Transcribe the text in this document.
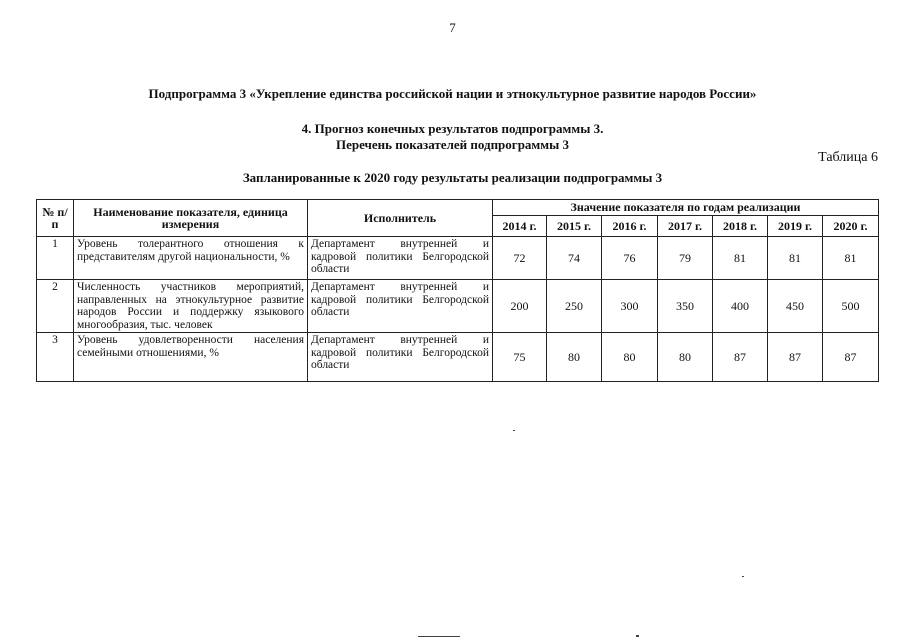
7
Подпрограмма 3 «Укрепление единства российской нации и этнокультурное развитие народов России»
4. Прогноз конечных результатов подпрограммы 3.
Перечень показателей подпрограммы 3
Таблица 6
Запланированные к 2020 году результаты реализации подпрограммы 3
№ п/п	Наименование показателя, единица измерения	Исполнитель	Значение показателя по годам реализации						
			2014 г.	2015 г.	2016 г.	2017 г.	2018 г.	2019 г.	2020 г.
1	Уровень толерантного отношения к представителям другой национальности, %	Департамент внутренней и кадровой политики Белгородской области	72	74	76	79	81	81	81
2	Численность участников мероприятий, направленных на этнокультурное развитие народов России и поддержку языкового многообразия, тыс. человек	Департамент внутренней и кадровой политики Белгородской области	200	250	300	350	400	450	500
3	Уровень удовлетворенности населения семейными отношениями, %	Департамент внутренней и кадровой политики Белгородской области	75	80	80	80	87	87	87
